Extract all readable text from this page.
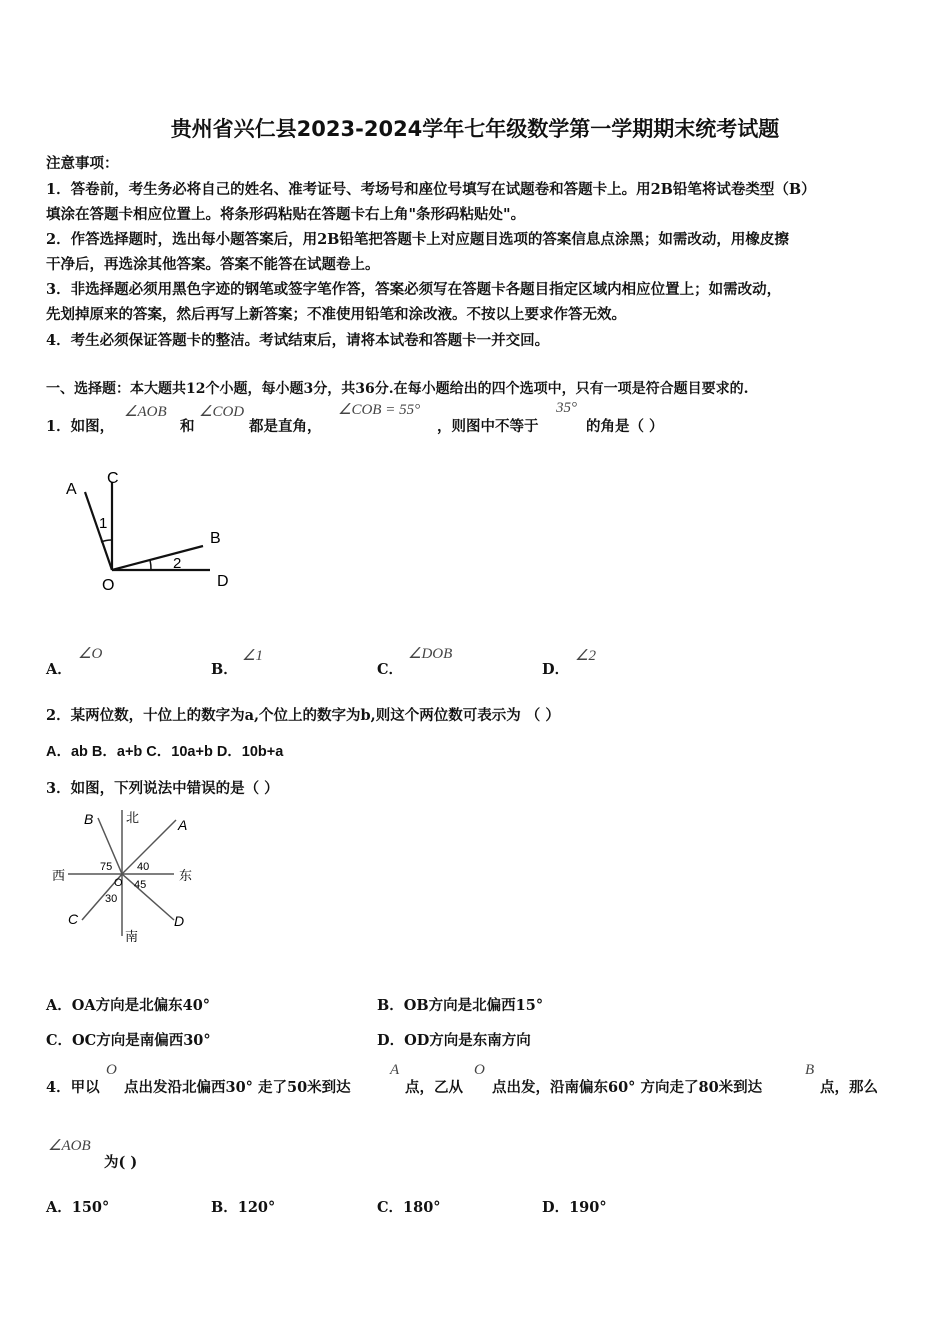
贵州省兴仁县2023-2024学年七年级数学第一学期期末统考试题
注意事项：
1．答卷前，考生务必将自己的姓名、准考证号、考场号和座位号填写在试题卷和答题卡上。用2B铅笔将试卷类型（B）
填涂在答题卡相应位置上。将条形码粘贴在答题卡右上角"条形码粘贴处"。
2．作答选择题时，选出每小题答案后，用2B铅笔把答题卡上对应题目选项的答案信息点涂黑；如需改动，用橡皮擦
干净后，再选涂其他答案。答案不能答在试题卷上。
3．非选择题必须用黑色字迹的钢笔或签字笔作答，答案必须写在答题卡各题目指定区域内相应位置上；如需改动，
先划掉原来的答案，然后再写上新答案；不准使用铅笔和涂改液。不按以上要求作答无效。
4．考生必须保证答题卡的整洁。考试结束后，请将本试卷和答题卡一并交回。
一、选择题：本大题共12个小题，每小题3分，共36分.在每小题给出的四个选项中，只有一项是符合题目要求的.
1．如图，
∠AOB
和
∠COD
都是直角，
∠COB = 55°
，则图中不等于
35°
的角是（ ）
A
C
B
O	D
1
2
A．
∠O
B．
∠1
C．
∠DOB
D．
∠2
2．某两位数，十位上的数字为a,个位上的数字为b,则这个两位数可表示为 （ ）
A．ab B．a+b C．10a+b D．10b+a
3．如图，下列说法中错误的是（ ）
北
南
西	东
A
B
C	D
O
75 40
45
30
A．OA方向是北偏东40°	B．OB方向是北偏西15°
C．OC方向是南偏西30°	D．OD方向是东南方向
4．甲以
O
点出发沿北偏西30° 走了50米到达
A
点，乙从
O
点出发，沿南偏东60° 方向走了80米到达
B
点，那么
∠AOB
为( )
A．150°	B．120°	C．180°	D．190°
